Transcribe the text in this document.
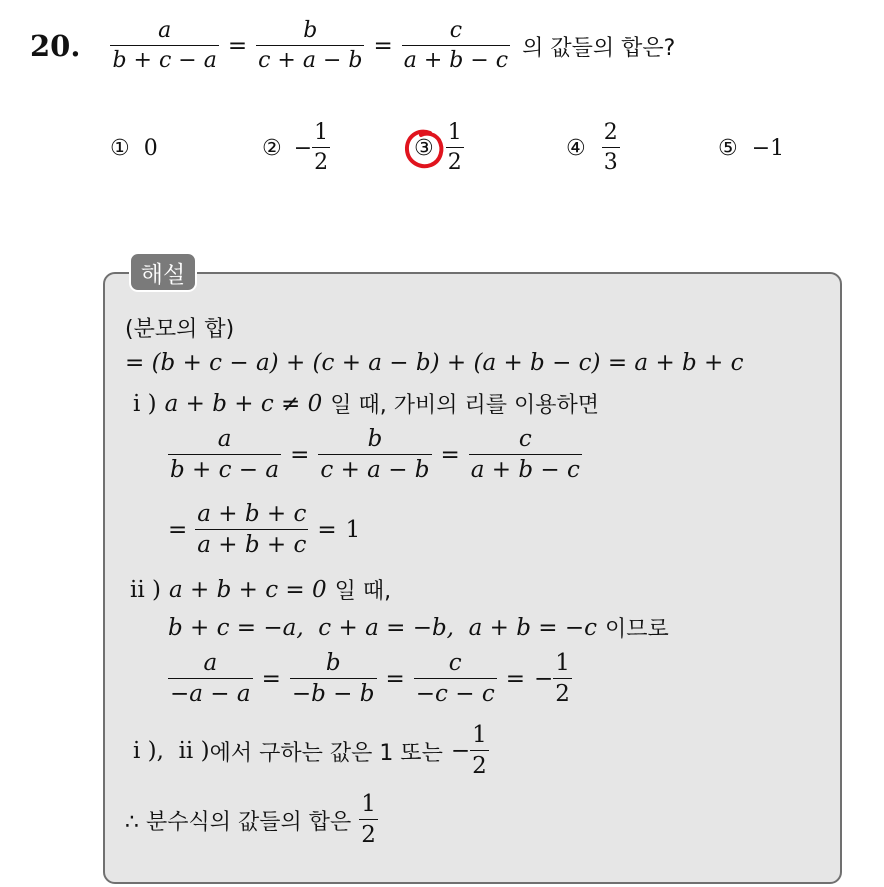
20. $\frac{a}{b + c - a} = \frac{b}{c + a - b} = \frac{c}{a + b - c}$ 의 값들의 합은?
① 0	② − $\frac{1}{2}$	③ $\frac{1}{2}$	④ $\frac{2}{3}$	⑤ −1
해설
(분모의 합)
= (b + c − a) + (c + a − b) + (a + b − c) = a + b + c
i ) a + b + c ≠ 0 일 때, 가비의 리를 이용하면
$\frac{a}{b + c - a} = \frac{b}{c + a - b} = \frac{c}{a + b - c}$
= $\frac{a + b + c}{a + b + c} = 1$
ii ) a + b + c = 0 일 때,
b + c = −a,  c + a = −b,  a + b = −c 이므로
$\frac{a}{-a - a} = \frac{b}{-b - b} = \frac{c}{-c - c}$ = − $\frac{1}{2}$
i ),  ii ) 에서 구하는 값은 1 또는 − $\frac{1}{2}$
∴ 분수식의 값들의 합은 $\frac{1}{2}$
